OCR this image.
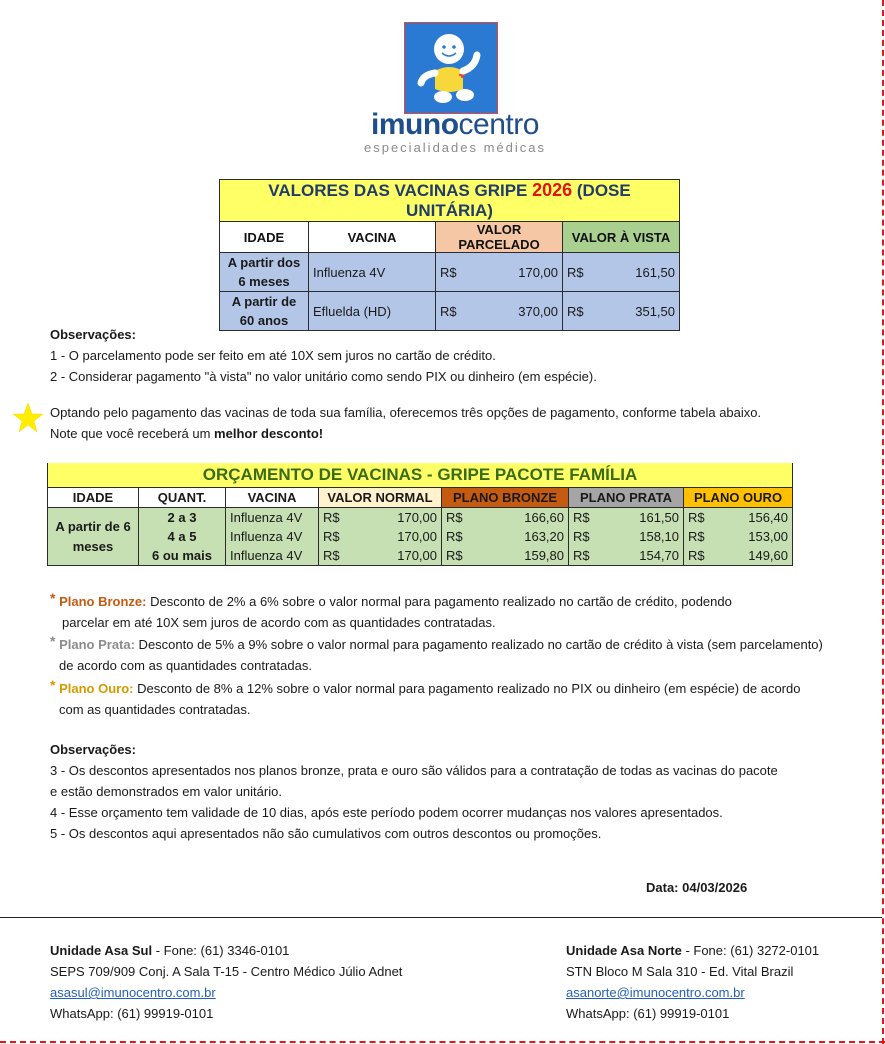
imunocentro
especialidades médicas
VALORES DAS VACINAS GRIPE 2026 (DOSE UNITÁRIA)			
IDADE	VACINA	VALOR PARCELADO	VALOR À VISTA
A partir dos 6 meses	Influenza 4V	R$ 170,00	R$ 161,50

A partir de 60 anos	Efluelda (HD)	R$ 370,00	R$ 351,50
Observações:
1 - O parcelamento pode ser feito em até 10X sem juros no cartão de crédito.
2 - Considerar pagamento "à vista" no valor unitário como sendo PIX ou dinheiro (em espécie).
Optando pelo pagamento das vacinas de toda sua família, oferecemos três opções de pagamento, conforme tabela abaixo.
Note que você receberá um melhor desconto!
ORÇAMENTO DE VACINAS - GRIPE PACOTE FAMÍLIA						
IDADE	QUANT.	VACINA	VALOR NORMAL	PLANO BRONZE	PLANO PRATA	PLANO OURO
A partir de 6 meses	2 a 3	Influenza 4V	R$ 170,00	R$ 166,60	R$ 161,50	R$ 156,40

	4 a 5	Influenza 4V	R$ 170,00	R$ 163,20	R$ 158,10	R$ 153,00

	6 ou mais	Influenza 4V	R$ 170,00	R$ 159,80	R$ 154,70	R$ 149,60
* Plano Bronze: Desconto de 2% a 6% sobre o valor normal para pagamento realizado no cartão de crédito, podendo
parcelar em até 10X sem juros de acordo com as quantidades contratadas.
* Plano Prata: Desconto de 5% a 9% sobre o valor normal para pagamento realizado no cartão de crédito à vista (sem parcelamento)
de acordo com as quantidades contratadas.
* Plano Ouro: Desconto de 8% a 12% sobre o valor normal para pagamento realizado no PIX ou dinheiro (em espécie) de acordo
com as quantidades contratadas.
Observações:
3 - Os descontos apresentados nos planos bronze, prata e ouro são válidos para a contratação de todas as vacinas do pacote
e estão demonstrados em valor unitário.
4 - Esse orçamento tem validade de 10 dias, após este período podem ocorrer mudanças nos valores apresentados.
5 - Os descontos aqui apresentados não são cumulativos com outros descontos ou promoções.
Data: 04/03/2026
Unidade Asa Sul - Fone: (61) 3346-0101
SEPS 709/909 Conj. A Sala T-15 - Centro Médico Júlio Adnet
asasul@imunocentro.com.br
WhatsApp: (61) 99919-0101
Unidade Asa Norte - Fone: (61) 3272-0101
STN Bloco M Sala 310 - Ed. Vital Brazil
asanorte@imunocentro.com.br
WhatsApp: (61) 99919-0101
